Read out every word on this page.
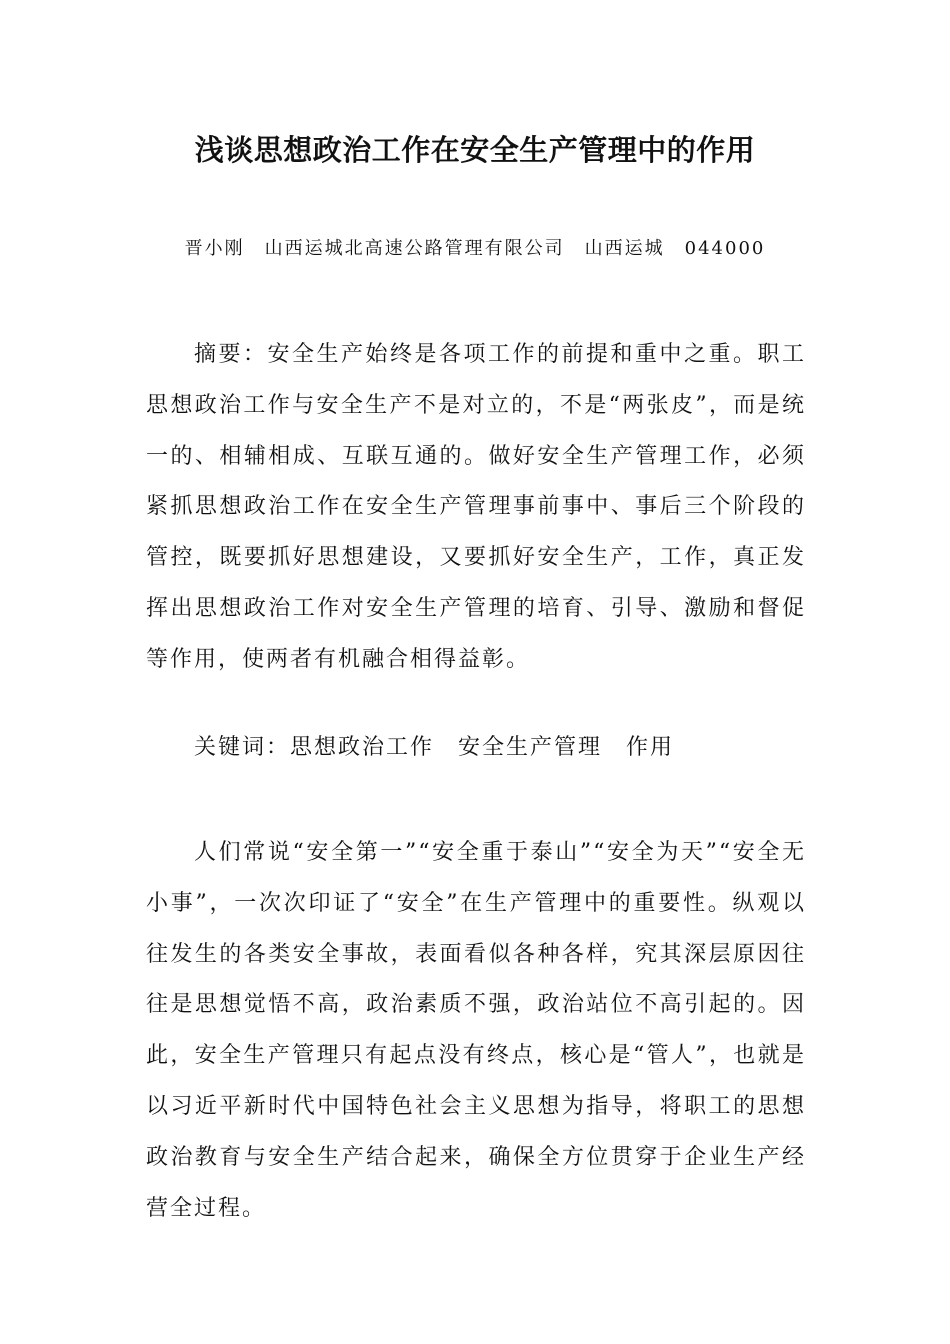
浅谈思想政治工作在安全生产管理中的作用
晋小刚　山西运城北高速公路管理有限公司　山西运城　044000

摘要：安全生产始终是各项工作的前提和重中之重。职工思想政治工作与安全生产不是对立的，不是“两张皮”，而是统一的、相辅相成、互联互通的。做好安全生产管理工作，必须紧抓思想政治工作在安全生产管理事前事中、事后三个阶段的管控，既要抓好思想建设，又要抓好安全生产，工作，真正发挥出思想政治工作对安全生产管理的培育、引导、激励和督促等作用，使两者有机融合相得益彰。

关键词：思想政治工作　安全生产管理　作用

人们常说“安全第一”“安全重于泰山”“安全为天”“安全无小事”，一次次印证了“安全”在生产管理中的重要性。纵观以往发生的各类安全事故，表面看似各种各样，究其深层原因往往是思想觉悟不高，政治素质不强，政治站位不高引起的。因此，安全生产管理只有起点没有终点，核心是“管人”，也就是以习近平新时代中国特色社会主义思想为指导，将职工的思想政治教育与安全生产结合起来，确保全方位贯穿于企业生产经营全过程。
